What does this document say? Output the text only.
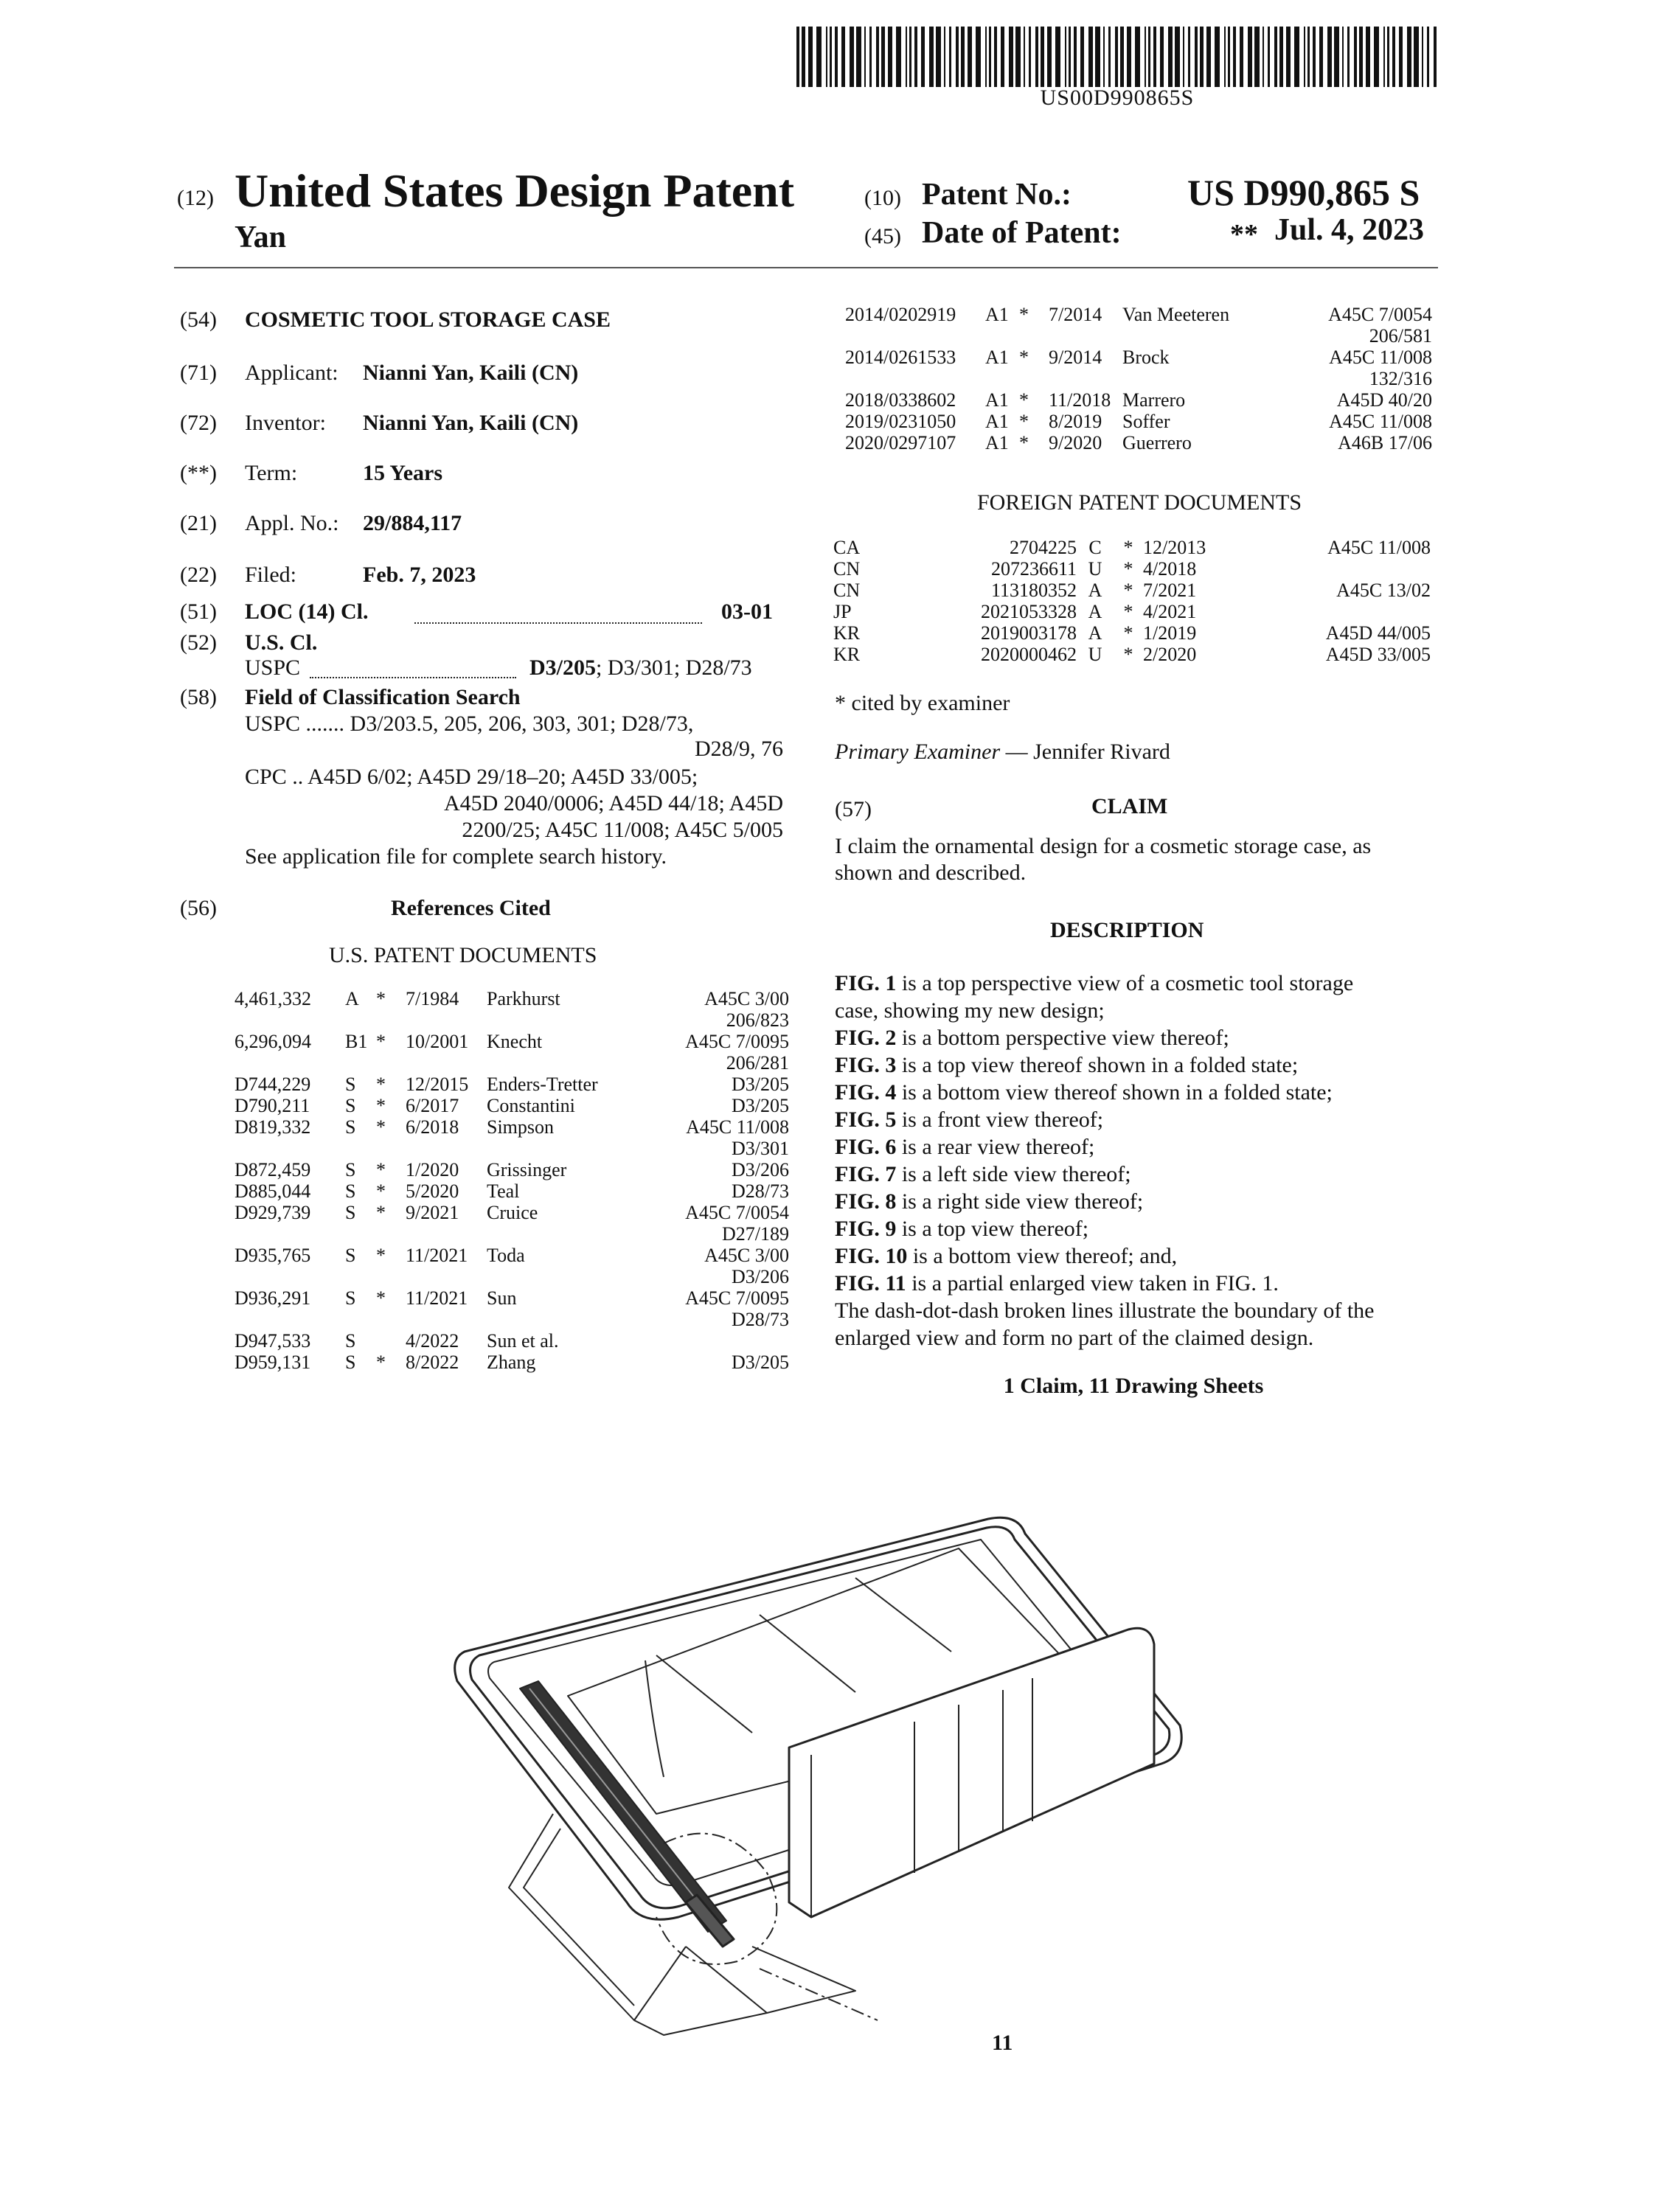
US00D990865S
(12) United States Design Patent
Yan
(10) Patent No.:	US D990,865 S
(45) Date of Patent:	** Jul. 4, 2023
(54) COSMETIC TOOL STORAGE CASE
(71) Applicant: Nianni Yan, Kaili (CN)
(72) Inventor: Nianni Yan, Kaili (CN)
(**) Term:	15 Years
(21) Appl. No.: 29/884,117
(22) Filed:	Feb. 7, 2023
(51) LOC (14) Cl.	03-01
(52) U.S. Cl.
USPC	D3/205; D3/301; D28/73
(58) Field of Classification Search
USPC ....... D3/203.5, 205, 206, 303, 301; D28/73,
D28/9, 76
CPC .. A45D 6/02; A45D 29/18–20; A45D 33/005;
A45D 2040/0006; A45D 44/18; A45D
2200/25; A45C 11/008; A45C 5/005
See application file for complete search history.
(56)	References Cited
U.S. PATENT DOCUMENTS
4,461,332	A	*	7/1984	Parkhurst	A45C 3/00
206/823

6,296,094	B1	*	10/2001	Knecht	A45C 7/0095
206/281

D744,229	S	*	12/2015	Enders-Tretter	D3/205

D790,211	S	*	6/2017	Constantini	D3/205

D819,332	S	*	6/2018	Simpson	A45C 11/008
D3/301

D872,459	S	*	1/2020	Grissinger	D3/206

D885,044	S	*	5/2020	Teal	D28/73

D929,739	S	*	9/2021	Cruice	A45C 7/0054
D27/189

D935,765	S	*	11/2021	Toda	A45C 3/00
D3/206

D936,291	S	*	11/2021	Sun	A45C 7/0095
D28/73

D947,533	S		4/2022	Sun et al.	

D959,131	S	*	8/2022	Zhang	D3/205
2014/0202919	A1	*	7/2014	Van Meeteren	A45C 7/0054
206/581

2014/0261533	A1	*	9/2014	Brock	A45C 11/008
132/316

2018/0338602	A1	*	11/2018	Marrero	A45D 40/20

2019/0231050	A1	*	8/2019	Soffer	A45C 11/008

2020/0297107	A1	*	9/2020	Guerrero	A46B 17/06
FOREIGN PATENT DOCUMENTS
CA	2704225	C	*	12/2013	A45C 11/008
CN	207236611	U	*	4/2018	
CN	113180352	A	*	7/2021	A45C 13/02
JP	2021053328	A	*	4/2021	
KR	2019003178	A	*	1/2019	A45D 44/005
KR	2020000462	U	*	2/2020	A45D 33/005
* cited by examiner
Primary Examiner — Jennifer Rivard
(57)	CLAIM
I claim the ornamental design for a cosmetic storage case, as
shown and described.
DESCRIPTION
FIG. 1 is a top perspective view of a cosmetic tool storage
case, showing my new design;
FIG. 2 is a bottom perspective view thereof;
FIG. 3 is a top view thereof shown in a folded state;
FIG. 4 is a bottom view thereof shown in a folded state;
FIG. 5 is a front view thereof;
FIG. 6 is a rear view thereof;
FIG. 7 is a left side view thereof;
FIG. 8 is a right side view thereof;
FIG. 9 is a top view thereof;
FIG. 10 is a bottom view thereof; and,
FIG. 11 is a partial enlarged view taken in FIG. 1.
The dash-dot-dash broken lines illustrate the boundary of the
enlarged view and form no part of the claimed design.
1 Claim, 11 Drawing Sheets
11
